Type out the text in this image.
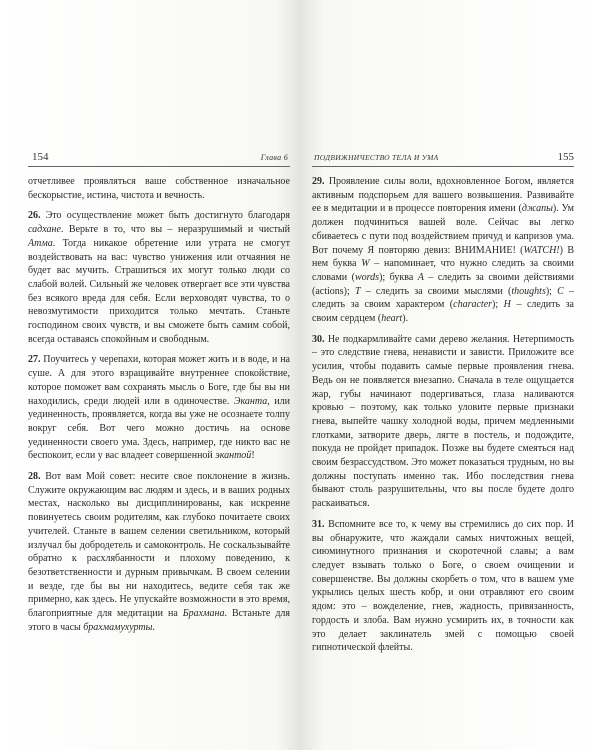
154	Глава 6

отчетливее проявляться ваше собственное изначальное бескорыстие, истина, чистота и вечность.

26. Это осуществление может быть достигнуто благодаря садхане. Верьте в то, что вы – неразрушимый и чистый Атма. Тогда никакое обретение или утрата не смогут воздействовать на вас: чувство унижения или отчаяния не будет вас мучить. Страшиться их могут только люди со слабой волей. Сильный же человек отвергает все эти чувства без всякого вреда для себя. Если верховодят чувства, то о невозмутимости приходится только мечтать. Станьте господином своих чувств, и вы сможете быть самим собой, всегда оставаясь спокойным и свободным.

27. Поучитесь у черепахи, которая может жить и в воде, и на суше. А для этого взращивайте внутреннее спокойствие, которое поможет вам сохранять мысль о Боге, где бы вы ни находились, среди людей или в одиночестве. Эканта, или уединенность, проявляется, когда вы уже не осознаете толпу вокруг себя. Вот чего можно достичь на основе уединенности своего ума. Здесь, например, где никто вас не беспокоит, если у вас владеет совершенной экантой!

28. Вот вам Мой совет: несите свое поклонение в жизнь. Служите окружающим вас людям и здесь, и в ваших родных местах, насколько вы дисциплинированы, как искренне повинуетесь своим родителям, как глубоко почитаете своих учителей. Станьте в вашем селении светильником, который излучал бы добродетель и самоконтроль. Не соскальзывайте обратно к расхлябанности и плохому поведению, к безответственности и дурным привычкам. В своем селении и везде, где бы вы ни находитесь, ведите себя так же примерно, как здесь. Не упускайте возможности в это время, благоприятные для медитации на Брахмана. Встаньте для этого в часы брахмамухурты.

ПОДВИЖНИЧЕСТВО ТЕЛА И УМА	155

29. Проявление силы воли, вдохновленное Богом, является активным подспорьем для вашего возвышения. Развивайте ее в медитации и в процессе повторения имени (джапы). Ум должен подчиниться вашей воле. Сейчас вы легко сбиваетесь с пути под воздействием причуд и капризов ума. Вот почему Я повторяю девиз: ВНИМАНИЕ! (WATCH!) В нем буква W – напоминает, что нужно следить за своими словами (words); буква A – следить за своими действиями (actions); T – следить за своими мыслями (thoughts); C – следить за своим характером (character); H – следить за своим сердцем (heart).

30. Не подкармливайте сами дерево желания. Нетерпимость – это следствие гнева, ненависти и зависти. Приложите все усилия, чтобы подавить самые первые проявления гнева. Ведь он не появляется внезапно. Сначала в теле ощущается жар, губы начинают подергиваться, глаза наливаются кровью – поэтому, как только уловите первые признаки гнева, выпейте чашку холодной воды, причем медленными глотками, затворите дверь, лягте в постель, и подождите, покуда не пройдет припадок. Позже вы будете смеяться над своим безрассудством. Это может показаться трудным, но вы должны поступать именно так. Ибо последствия гнева бывают столь разрушительны, что вы после будете долго раскаиваться.

31. Вспомните все то, к чему вы стремились до сих пор. И вы обнаружите, что жаждали самых ничтожных вещей, сиюминутного признания и скоротечной славы; а вам следует взывать только о Боге, о своем очищении и совершенстве. Вы должны скорбеть о том, что в вашем уме укрылись целых шесть кобр, и они отравляют его своим ядом: это – вожделение, гнев, жадность, привязанность, гордость и злоба. Вам нужно усмирить их, в точности как это делает заклинатель змей с помощью своей гипнотической флейты.
